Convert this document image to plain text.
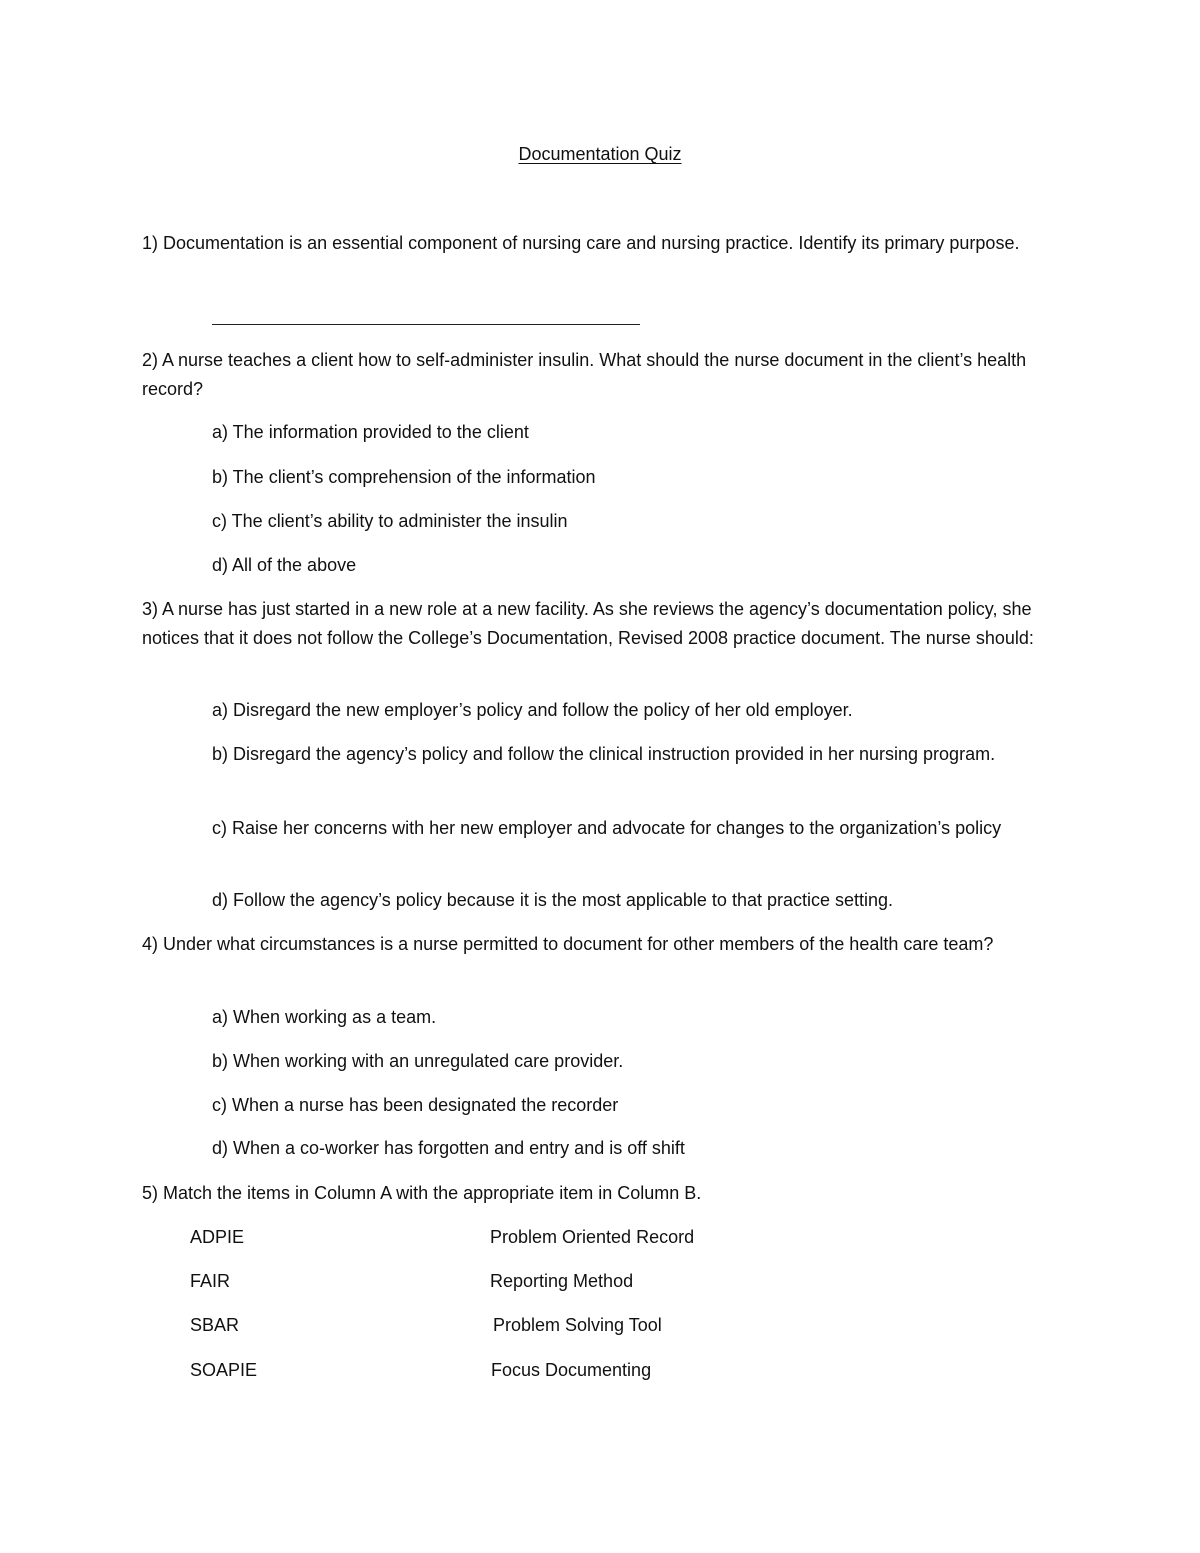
Documentation Quiz

1) Documentation is an essential component of nursing care and nursing practice. Identify its primary purpose.

2) A nurse teaches a client how to self-administer insulin. What should the nurse document in the client’s health record?

a) The information provided to the client

b) The client’s comprehension of the information

c) The client’s ability to administer the insulin

d) All of the above

3) A nurse has just started in a new role at a new facility. As she reviews the agency’s documentation policy, she notices that it does not follow the College’s Documentation, Revised 2008 practice document. The nurse should:

a) Disregard the new employer’s policy and follow the policy of her old employer.

b) Disregard the agency’s policy and follow the clinical instruction provided in her nursing program.

c) Raise her concerns with her new employer and advocate for changes to the organization’s policy

d) Follow the agency’s policy because it is the most applicable to that practice setting.

4) Under what circumstances is a nurse permitted to document for other members of the health care team?

a) When working as a team.

b) When working with an unregulated care provider.

c) When a nurse has been designated the recorder

d) When a co-worker has forgotten and entry and is off shift

5) Match the items in Column A with the appropriate item in Column B.

ADPIE	Problem Oriented Record
FAIR	Reporting Method
SBAR	Problem Solving Tool
SOAPIE	Focus Documenting
